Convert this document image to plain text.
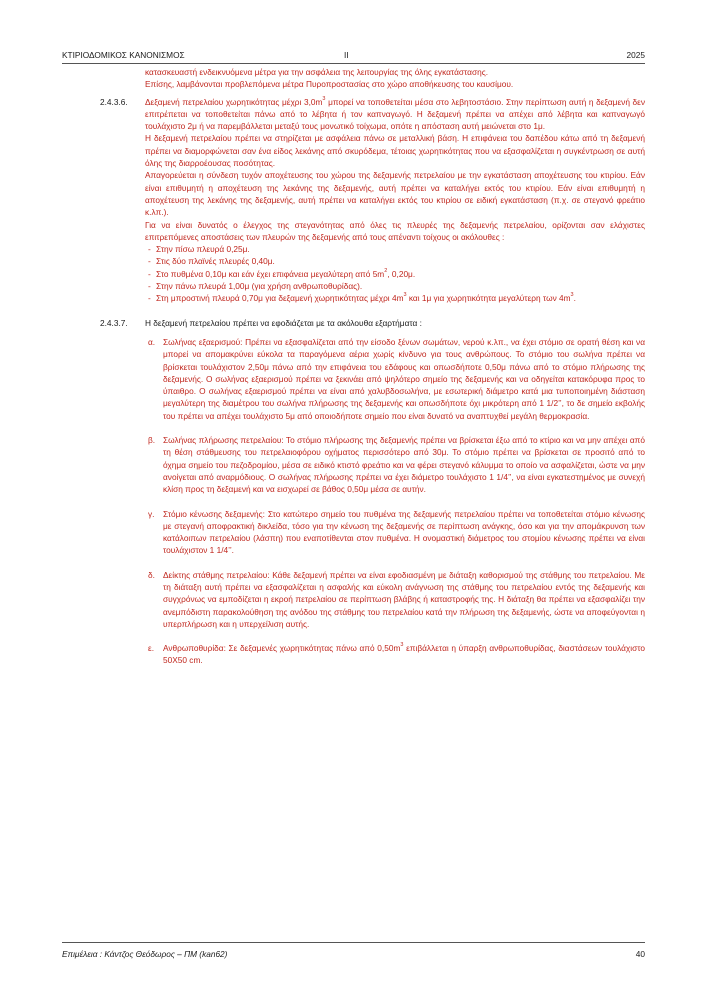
ΚΤΙΡΙΟΔΟΜΙΚΟΣ ΚΑΝΟΝΙΣΜΟΣ	ΙΙ	2025

κατασκευαστή ενδεικνυόμενα μέτρα για την ασφάλεια της λειτουργίας της όλης εγκατάστασης.
Επίσης, λαμβάνονται προβλεπόμενα μέτρα Πυροπροστασίας στο χώρο αποθήκευσης του καυσίμου.
2.4.3.6. Δεξαμενή πετρελαίου χωρητικότητας μέχρι $3,0m^3$ μπορεί να τοποθετείται μέσα στο λεβητοστάσιο. Στην περίπτωση αυτή η δεξαμενή δεν επιτρέπεται να τοποθετείται πάνω από το λέβητα ή τον καπναγωγό. Η δεξαμενή πρέπει να απέχει από λέβητα και καπναγωγό τουλάχιστο 2μ ή να παρεμβάλλεται μεταξύ τους μονωτικό τοίχωμα, οπότε η απόσταση αυτή μειώνεται στο 1μ.
Η δεξαμενή πετρελαίου πρέπει να στηρίζεται με ασφάλεια πάνω σε μεταλλική βάση. Η επιφάνεια του δαπέδου κάτω από τη δεξαμενή πρέπει να διαμορφώνεται σαν ένα είδος λεκάνης από σκυρόδεμα, τέτοιας χωρητικότητας που να εξασφαλίζεται η συγκέντρωση σε αυτή όλης της διαρροέουσας ποσότητας.
Απαγορεύεται η σύνδεση τυχόν αποχέτευσης του χώρου της δεξαμενής πετρελαίου με την εγκατάσταση αποχέτευσης του κτιρίου. Εάν είναι επιθυμητή η αποχέτευση της λεκάνης της δεξαμενής, αυτή πρέπει να καταλήγει εκτός του κτιρίου. Εάν είναι επιθυμητή η αποχέτευση της λεκάνης της δεξαμενής, αυτή πρέπει να καταλήγει εκτός του κτιρίου σε ειδική εγκατάσταση (π.χ. σε στεγανό φρεάτιο κ.λπ.).
Για να είναι δυνατός ο έλεγχος της στεγανότητας από όλες τις πλευρές της δεξαμενής πετρελαίου, ορίζονται σαν ελάχιστες επιτρεπόμενες αποστάσεις των πλευρών της δεξαμενής από τους απέναντι τοίχους οι ακόλουθες :
- Στην πίσω πλευρά 0,25μ.
- Στις δύο πλαϊνές πλευρές 0,40μ.
- Στο πυθμένα 0,10μ και εάν έχει επιφάνεια μεγαλύτερη από $5m^2$, 0,20μ.
- Στην πάνω πλευρά 1,00μ (για χρήση ανθρωποθυρίδας).
- Στη μπροστινή πλευρά 0,70μ για δεξαμενή χωρητικότητας μέχρι $4m^3$ και 1μ για χωρητικότητα μεγαλύτερη των $4m^3$.
2.4.3.7. Η δεξαμενή πετρελαίου πρέπει να εφοδιάζεται με τα ακόλουθα εξαρτήματα :
α. Σωλήνας εξαερισμού: Πρέπει να εξασφαλίζεται από την είσοδο ξένων σωμάτων, νερού κ.λπ., να έχει στόμιο σε ορατή θέση και να μπορεί να απομακρύνει εύκολα τα παραγόμενα αέρια χωρίς κίνδυνο για τους ανθρώπους. Το στόμιο του σωλήνα πρέπει να βρίσκεται τουλάχιστον 2,50μ πάνω από την επιφάνεια του εδάφους και οπωσδήποτε 0,50μ πάνω από το στόμιο πλήρωσης της δεξαμενής. Ο σωλήνας εξαερισμού πρέπει να ξεκινάει από ψηλότερο σημείο της δεξαμενής και να οδηγείται κατακόρυφα προς το ύπαιθρο. Ο σωλήνας εξαερισμού πρέπει να είναι από χαλυβδοσωλήνα, με εσωτερική διάμετρο κατά μια τυποποιημένη διάσταση μεγαλύτερη της διαμέτρου του σωλήνα πλήρωσης της δεξαμενής και οπωσδήποτε όχι μικρότερη από 1 1/2’’, το δε σημείο εκβολής του πρέπει να απέχει τουλάχιστο 5μ από οποιοδήποτε σημείο που είναι δυνατό να αναπτυχθεί μεγάλη θερμοκρασία.
β. Σωλήνας πλήρωσης πετρελαίου: Το στόμιο πλήρωσης της δεξαμενής πρέπει να βρίσκεται έξω από το κτίριο και να μην απέχει από τη θέση στάθμευσης του πετρελαιοφόρου οχήματος περισσότερο από 30μ. Το στόμιο πρέπει να βρίσκεται σε προσιτό από το όχημα σημείο του πεζοδρομίου, μέσα σε ειδικό κτιστό φρεάτιο και να φέρει στεγανό κάλυμμα το οποίο να ασφαλίζεται, ώστε να μην ανοίγεται από αναρμόδιους. Ο σωλήνας πλήρωσης πρέπει να έχει διάμετρο τουλάχιστο 1 1/4’’, να είναι εγκατεστημένος με συνεχή κλίση προς τη δεξαμενή και να εισχωρεί σε βάθος 0,50μ μέσα σε αυτήν.
γ. Στόμιο κένωσης δεξαμενής: Στο κατώτερο σημείο του πυθμένα της δεξαμενής πετρελαίου πρέπει να τοποθετείται στόμιο κένωσης με στεγανή αποφρακτική δικλείδα, τόσο για την κένωση της δεξαμενής σε περίπτωση ανάγκης, όσο και για την απομάκρυνση των κατάλοιπων πετρελαίου (λάσπη) που εναποτίθενται στον πυθμένα. Η ονομαστική διάμετρος του στομίου κένωσης πρέπει να είναι τουλάχιστον 1 1/4’’.
δ. Δείκτης στάθμης πετρελαίου: Κάθε δεξαμενή πρέπει να είναι εφοδιασμένη με διάταξη καθορισμού της στάθμης του πετρελαίου. Με τη διάταξη αυτή πρέπει να εξασφαλίζεται η ασφαλής και εύκολη ανάγνωση της στάθμης του πετρελαίου εντός της δεξαμενής και συγχρόνως να εμποδίζεται η εκροή πετρελαίου σε περίπτωση βλάβης ή καταστροφής της. Η διάταξη θα πρέπει να εξασφαλίζει την ανεμπόδιστη παρακολούθηση της ανόδου της στάθμης του πετρελαίου κατά την πλήρωση της δεξαμενής, ώστε να αποφεύγονται η υπερπλήρωση και η υπερχείλιση αυτής.
ε. Ανθρωποθυρίδα: Σε δεξαμενές χωρητικότητας πάνω από $0,50m^3$ επιβάλλεται η ύπαρξη ανθρωποθυρίδας, διαστάσεων τουλάχιστο 50Χ50 cm.
Επιμέλεια : Κάντζος Θεόδωρος – ΠΜ (kan62)	40
